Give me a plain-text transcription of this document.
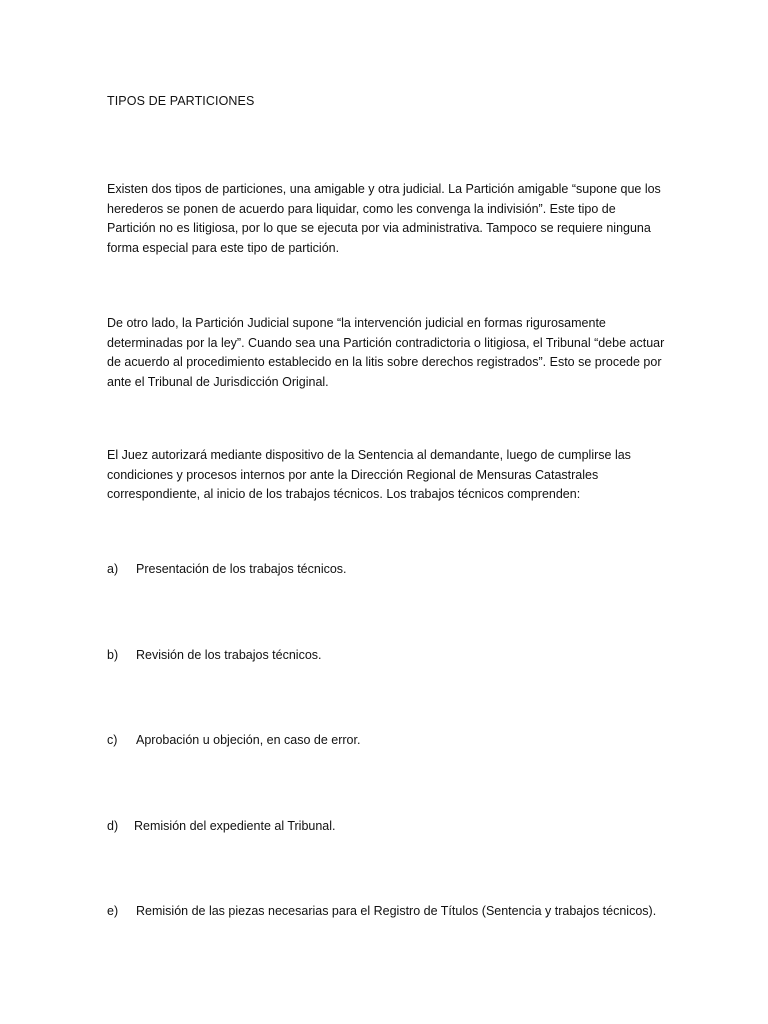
TIPOS DE PARTICIONES

Existen dos tipos de particiones, una amigable y otra judicial. La Partición amigable “supone que los herederos se ponen de acuerdo para liquidar, como les convenga la indivisión”. Este tipo de Partición no es litigiosa, por lo que se ejecuta por via administrativa. Tampoco se requiere ninguna forma especial para este tipo de partición.

De otro lado, la Partición Judicial supone “la intervención judicial en formas rigurosamente determinadas por la ley”. Cuando sea una Partición contradictoria o litigiosa, el Tribunal “debe actuar de acuerdo al procedimiento establecido en la litis sobre derechos registrados”. Esto se procede por ante el Tribunal de Jurisdicción Original.

El Juez autorizará mediante dispositivo de la Sentencia al demandante, luego de cumplirse las condiciones y procesos internos por ante la Dirección Regional de Mensuras Catastrales correspondiente, al inicio de los trabajos técnicos. Los trabajos técnicos comprenden:

a) Presentación de los trabajos técnicos.
b) Revisión de los trabajos técnicos.
c) Aprobación u objeción, en caso de error.
d) Remisión del expediente al Tribunal.
e) Remisión de las piezas necesarias para el Registro de Títulos (Sentencia y trabajos técnicos).
